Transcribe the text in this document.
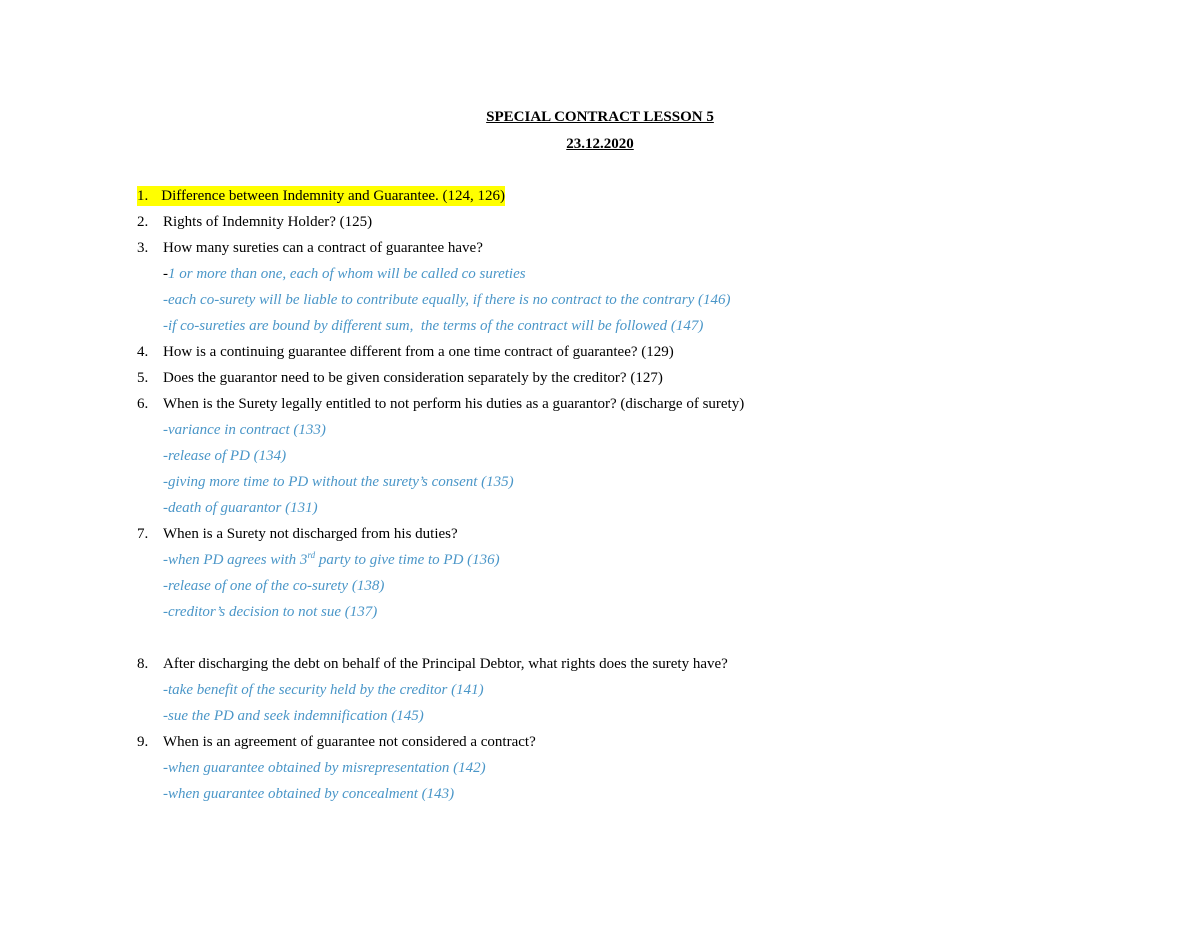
SPECIAL CONTRACT LESSON 5
23.12.2020
1. Difference between Indemnity and Guarantee. (124, 126)
2. Rights of Indemnity Holder? (125)
3. How many sureties can a contract of guarantee have?
-1 or more than one, each of whom will be called co sureties
-each co-surety will be liable to contribute equally, if there is no contract to the contrary (146)
-if co-sureties are bound by different sum,  the terms of the contract will be followed (147)
4. How is a continuing guarantee different from a one time contract of guarantee? (129)
5. Does the guarantor need to be given consideration separately by the creditor? (127)
6. When is the Surety legally entitled to not perform his duties as a guarantor? (discharge of surety)
-variance in contract (133)
-release of PD (134)
-giving more time to PD without the surety’s consent (135)
-death of guarantor (131)
7. When is a Surety not discharged from his duties?
-when PD agrees with 3rd party to give time to PD (136)
-release of one of the co-surety (138)
-creditor’s decision to not sue (137)
8. After discharging the debt on behalf of the Principal Debtor, what rights does the surety have?
-take benefit of the security held by the creditor (141)
-sue the PD and seek indemnification (145)
9. When is an agreement of guarantee not considered a contract?
-when guarantee obtained by misrepresentation (142)
-when guarantee obtained by concealment (143)
